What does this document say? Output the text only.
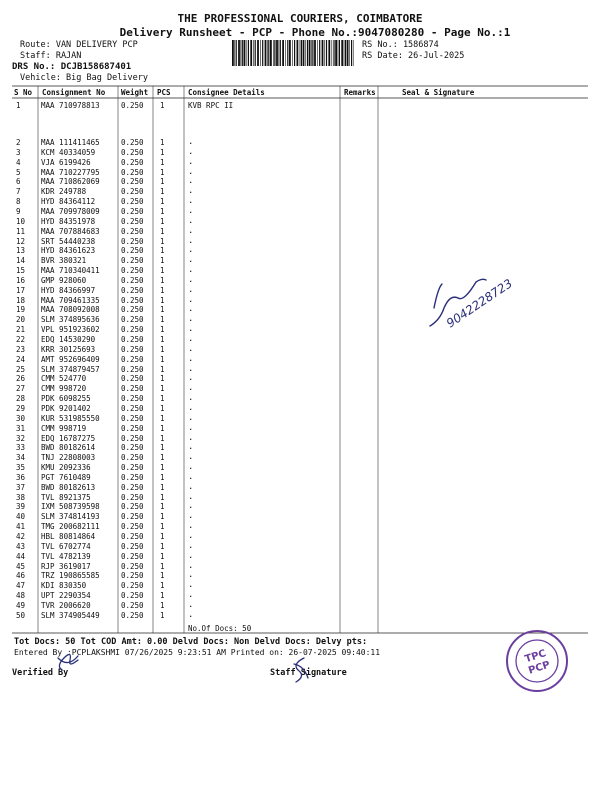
THE PROFESSIONAL COURIERS, COIMBATORE
Delivery Runsheet - PCP - Phone No.:9047080280 - Page No.:1
Route: VAN DELIVERY PCP
Staff: RAJAN
RS No.: 1586874
RS Date: 26-Jul-2025
DRS No.: DCJB158687401
Vehicle: Big Bag Delivery
S No Consignment No Weight PCS Consignee Details	Remarks	Seal & Signature
1	MAA 710978813	0.250 1	KVB RPC II
2	MAA 111411465	0.250 1	.
3	KCM 40334059	0.250 1	.
4	VJA 6199426	0.250 1	.
5	MAA 710227795	0.250 1	.
6	MAA 710862069	0.250 1	.
7	KDR 249788	0.250 1	.
8	HYD 84364112	0.250 1	.
9	MAA 709978009	0.250 1	.
10 HYD 84351978	0.250 1	.
11 MAA 707884683	0.250 1	.
12 SRT 54440238	0.250 1	.
13 HYD 84361623	0.250 1	.
14 BVR 380321	0.250 1	.
15 MAA 710340411	0.250 1	.
16 GMP 928060	0.250 1	.
17 HYD 84366997	0.250 1	.
18 MAA 709461335	0.250 1	.
19 MAA 708092008	0.250 1	.
20 SLM 374895636	0.250 1	.
21 VPL 951923602	0.250 1	.
22 EDQ 14530290	0.250 1	.
23 KRR 30125693	0.250 1	.
24 AMT 952696409	0.250 1	.
25 SLM 374879457	0.250 1	.
26 CMM 524770	0.250 1	.
27 CMM 998720	0.250 1	.
28 PDK 6098255	0.250 1	.
29 PDK 9201402	0.250 1	.
30 KUR 531985550	0.250 1	.
31 CMM 998719	0.250 1	.
32 EDQ 16787275	0.250 1	.
33 BWD 80182614	0.250 1	.
34 TNJ 22808003	0.250 1	.
35 KMU 2092336	0.250 1	.
36 PGT 7610489	0.250 1	.
37 BWD 80182613	0.250 1	.
38 TVL 8921375	0.250 1	.
39 IXM 508739598	0.250 1	.
40 SLM 374814193	0.250 1	.
41 TMG 200682111	0.250 1	.
42 HBL 80814864	0.250 1	.
43 TVL 6702774	0.250 1	.
44 TVL 4782139	0.250 1	.
45 RJP 3619017	0.250 1	.
46 TRZ 190865585	0.250 1	.
47 KDI 830350	0.250 1	.
48 UPT 2290354	0.250 1	.
49 TVR 2006620	0.250 1	.
50 SLM 374905449	0.250 1	.
No.Of Docs: 50
Tot Docs: 50 Tot COD Amt: 0.00 Delvd Docs: Non Delvd Docs: Delvy pts:
Entered By :PCPLAKSHMI 07/26/2025 9:23:51 AM Printed on: 26-07-2025 09:40:11
Verified By	Staff Signature
9042228723
TPC
PCP
